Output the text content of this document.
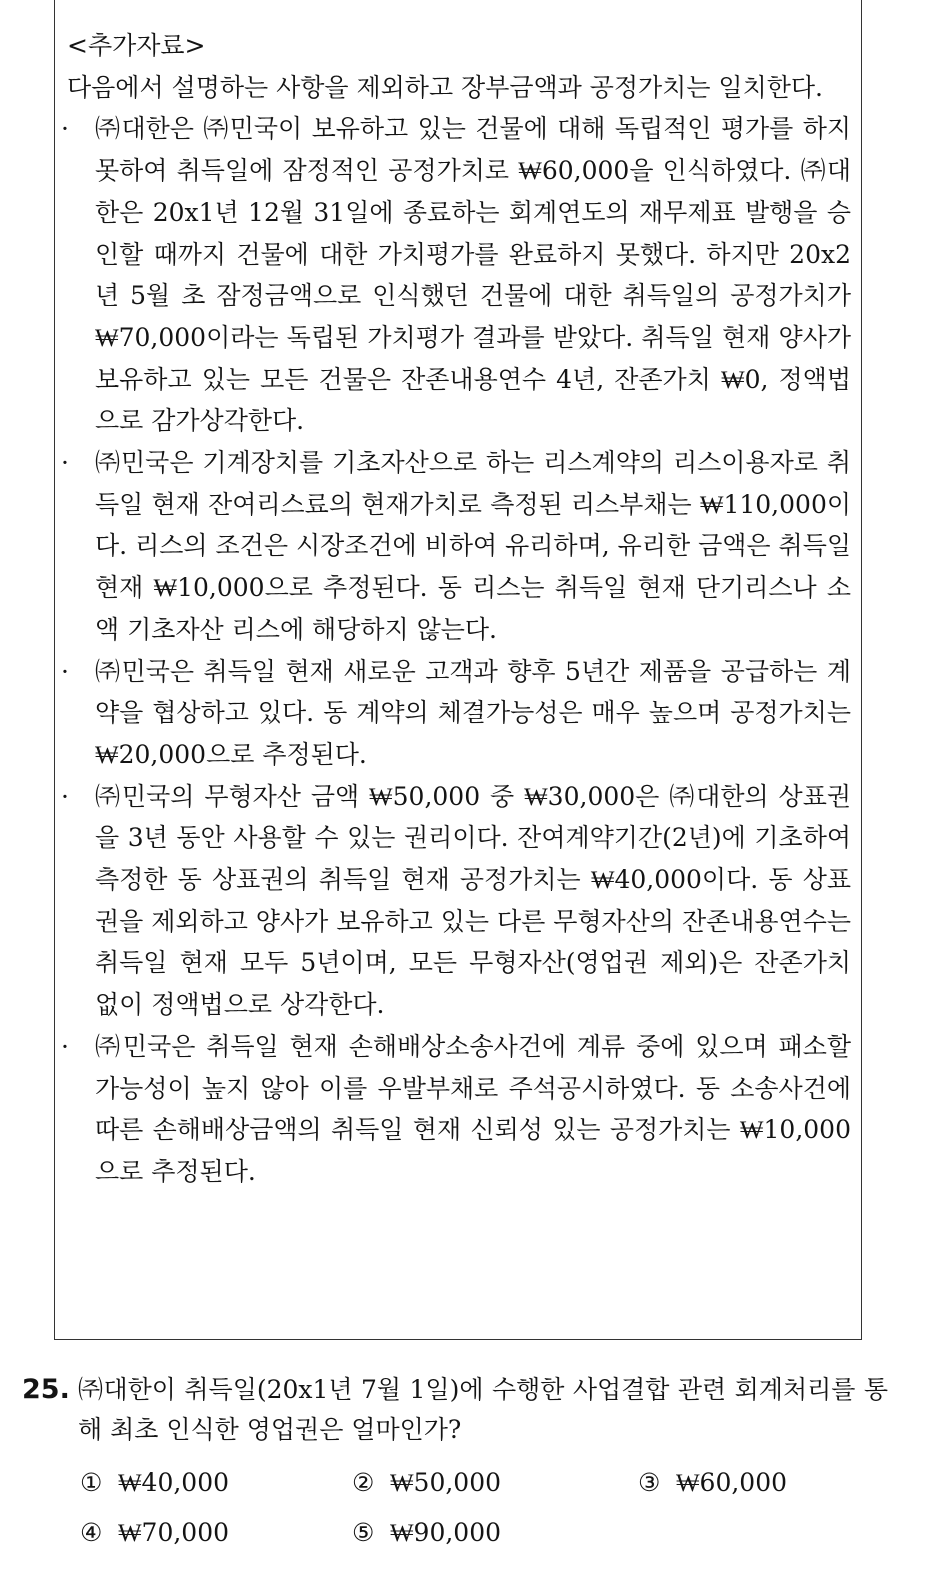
<추가자료>

다음에서 설명하는 사항을 제외하고 장부금액과 공정가치는 일치한다.

· ㈜대한은 ㈜민국이 보유하고 있는 건물에 대해 독립적인 평가를 하지 못하여 취득일에 잠정적인 공정가치로 ₩60,000을 인식하였다. ㈜대한은 20x1년 12월 31일에 종료하는 회계연도의 재무제표 발행을 승인할 때까지 건물에 대한 가치평가를 완료하지 못했다. 하지만 20x2년 5월 초 잠정금액으로 인식했던 건물에 대한 취득일의 공정가치가 ₩70,000이라는 독립된 가치평가 결과를 받았다. 취득일 현재 양사가 보유하고 있는 모든 건물은 잔존내용연수 4년, 잔존가치 ₩0, 정액법으로 감가상각한다.
· ㈜민국은 기계장치를 기초자산으로 하는 리스계약의 리스이용자로 취득일 현재 잔여리스료의 현재가치로 측정된 리스부채는 ₩110,000이다. 리스의 조건은 시장조건에 비하여 유리하며, 유리한 금액은 취득일 현재 ₩10,000으로 추정된다. 동 리스는 취득일 현재 단기리스나 소액 기초자산 리스에 해당하지 않는다.
· ㈜민국은 취득일 현재 새로운 고객과 향후 5년간 제품을 공급하는 계약을 협상하고 있다. 동 계약의 체결가능성은 매우 높으며 공정가치는 ₩20,000으로 추정된다.
· ㈜민국의 무형자산 금액 ₩50,000 중 ₩30,000은 ㈜대한의 상표권을 3년 동안 사용할 수 있는 권리이다. 잔여계약기간(2년)에 기초하여 측정한 동 상표권의 취득일 현재 공정가치는 ₩40,000이다. 동 상표권을 제외하고 양사가 보유하고 있는 다른 무형자산의 잔존내용연수는 취득일 현재 모두 5년이며, 모든 무형자산(영업권 제외)은 잔존가치 없이 정액법으로 상각한다.
· ㈜민국은 취득일 현재 손해배상소송사건에 계류 중에 있으며 패소할 가능성이 높지 않아 이를 우발부채로 주석공시하였다. 동 소송사건에 따른 손해배상금액의 취득일 현재 신뢰성 있는 공정가치는 ₩10,000으로 추정된다.
25. ㈜대한이 취득일(20x1년 7월 1일)에 수행한 사업결합 관련 회계처리를 통해 최초 인식한 영업권은 얼마인가?
① ₩40,000	② ₩50,000	③ ₩60,000
④ ₩70,000	⑤ ₩90,000
